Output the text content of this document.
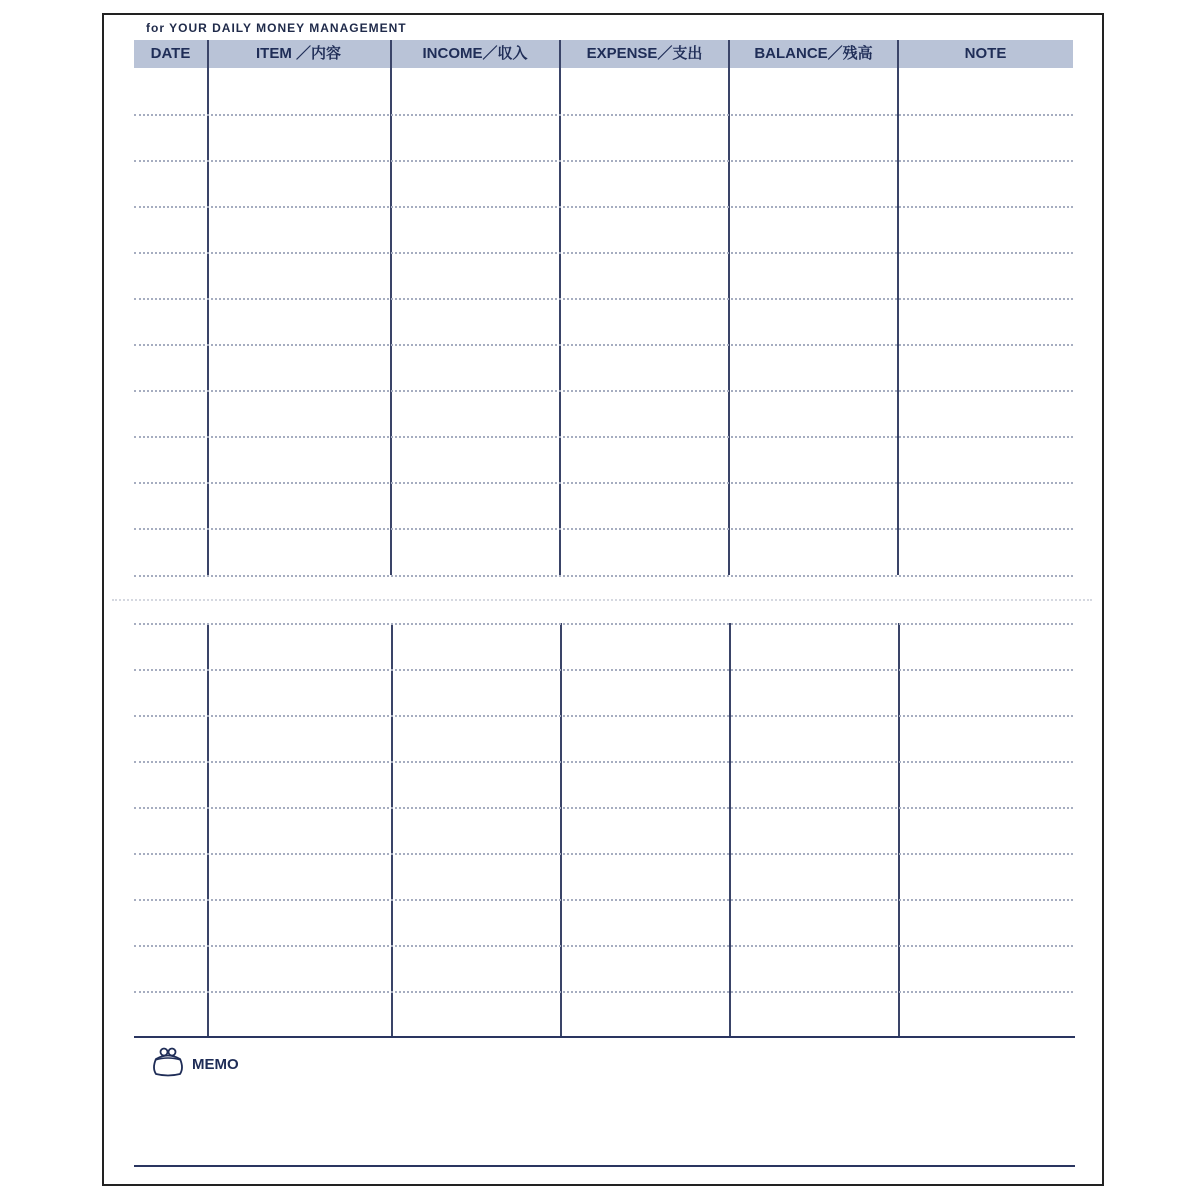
for YOUR DAILY MONEY MANAGEMENT
DATE	ITEM ／内容	INCOME／収入	EXPENSE／支出	BALANCE／残高	NOTE
MEMO
